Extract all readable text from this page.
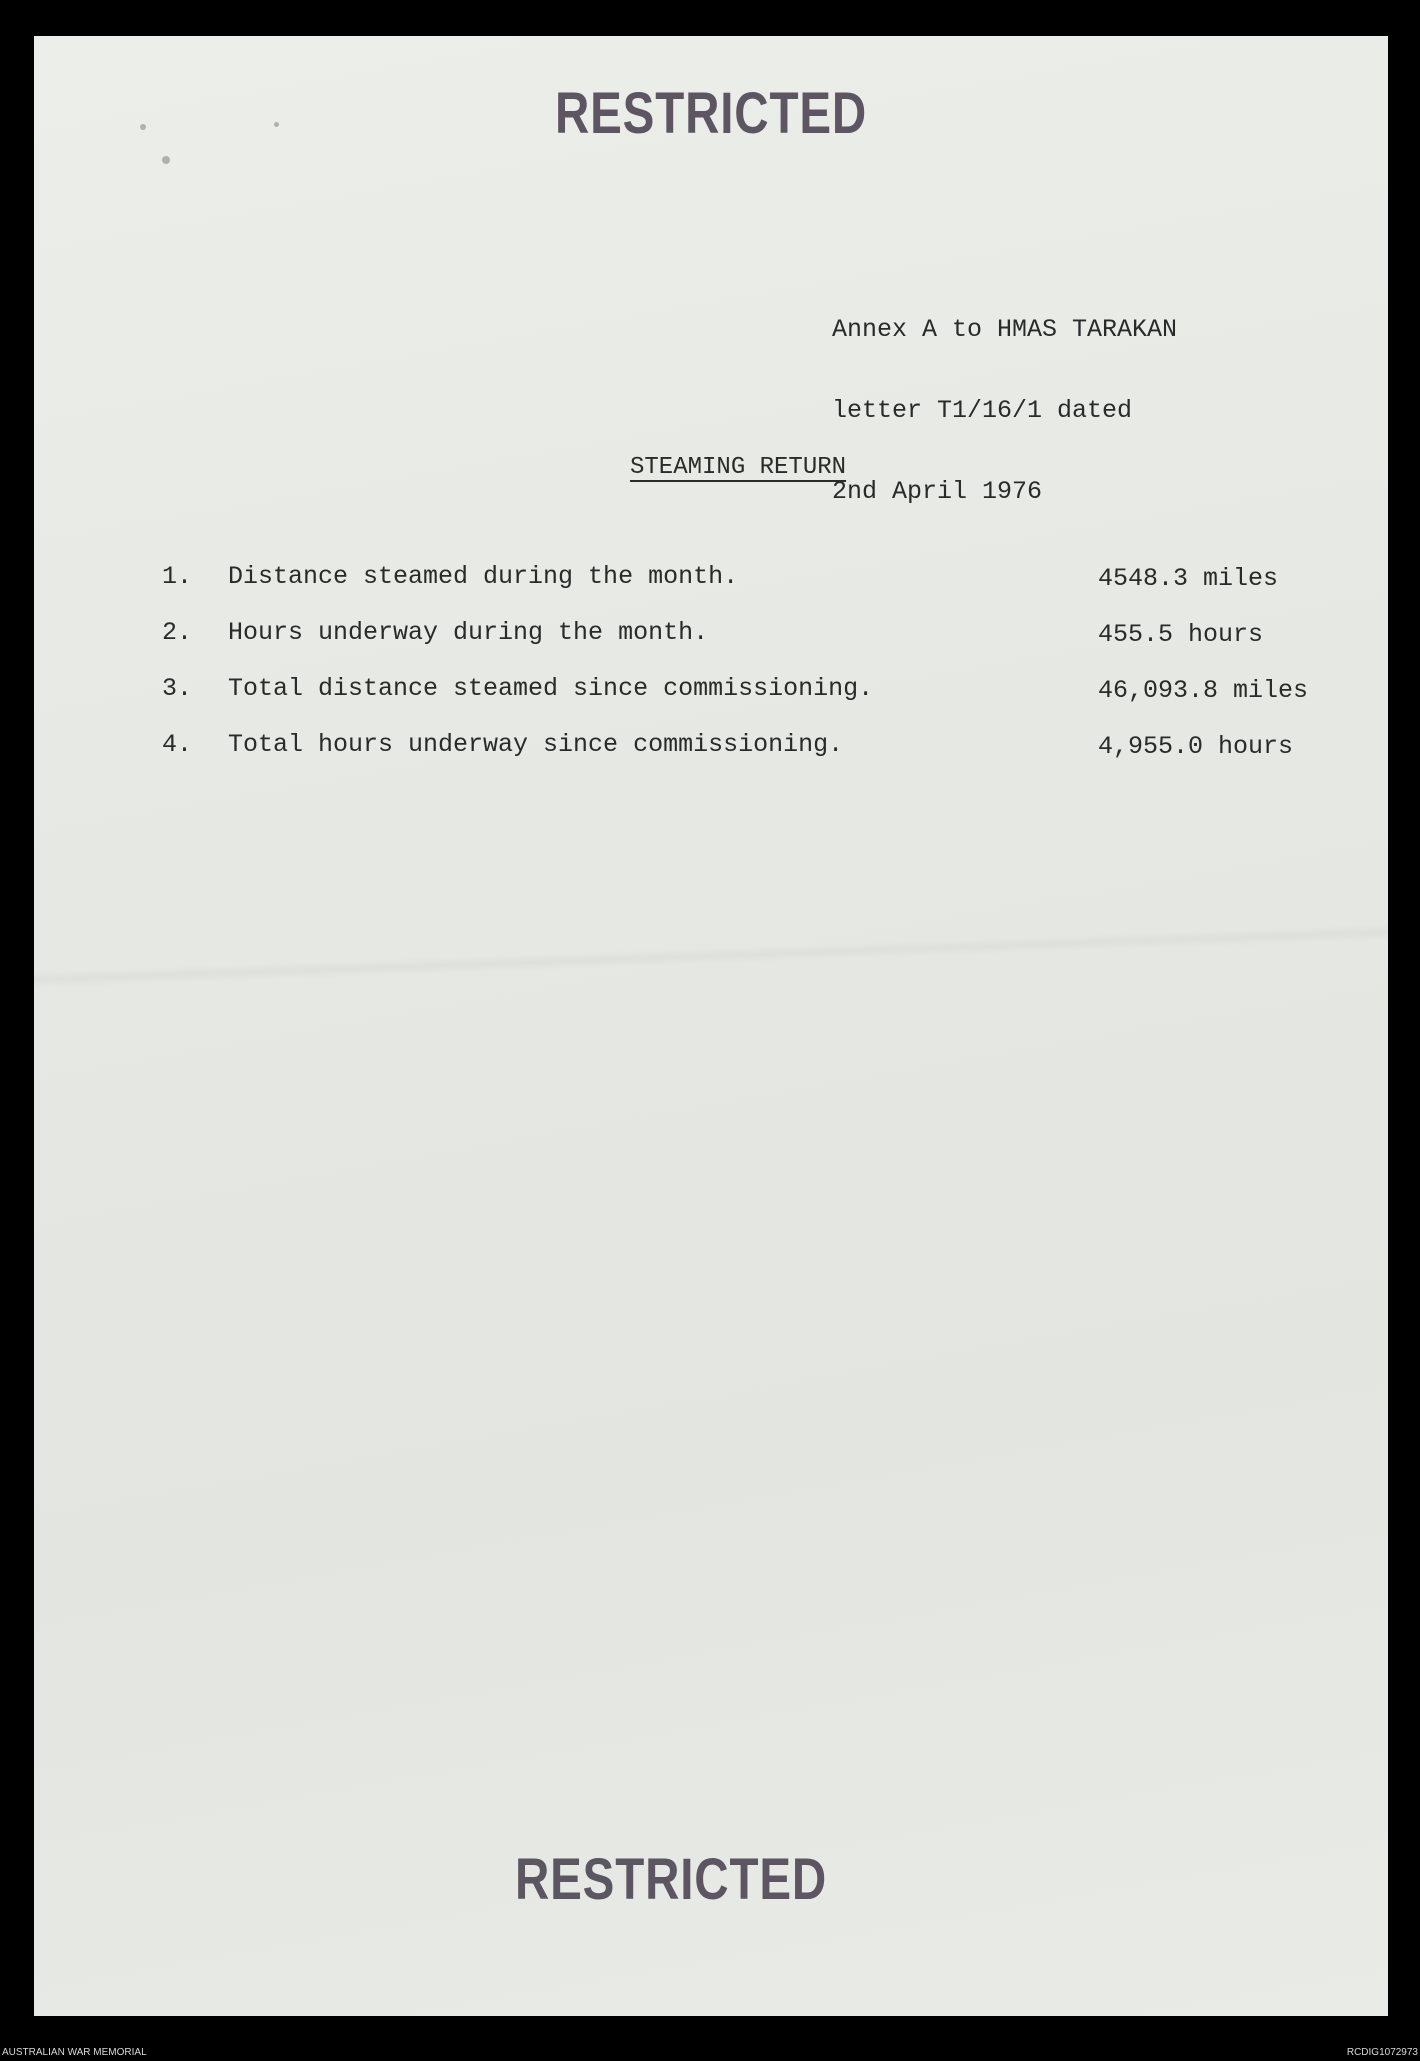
RESTRICTED

Annex A to HMAS TARAKAN

letter T1/16/1 dated

2nd April 1976

STEAMING RETURN
1. Distance steamed during the month.	4548.3 miles
2. Hours underway during the month.	455.5 hours
3. Total distance steamed since commissioning.	46,093.8 miles
4. Total hours underway since commissioning.	4,955.0 hours
RESTRICTED
AUSTRALIAN WAR MEMORIAL	RCDIG1072973
